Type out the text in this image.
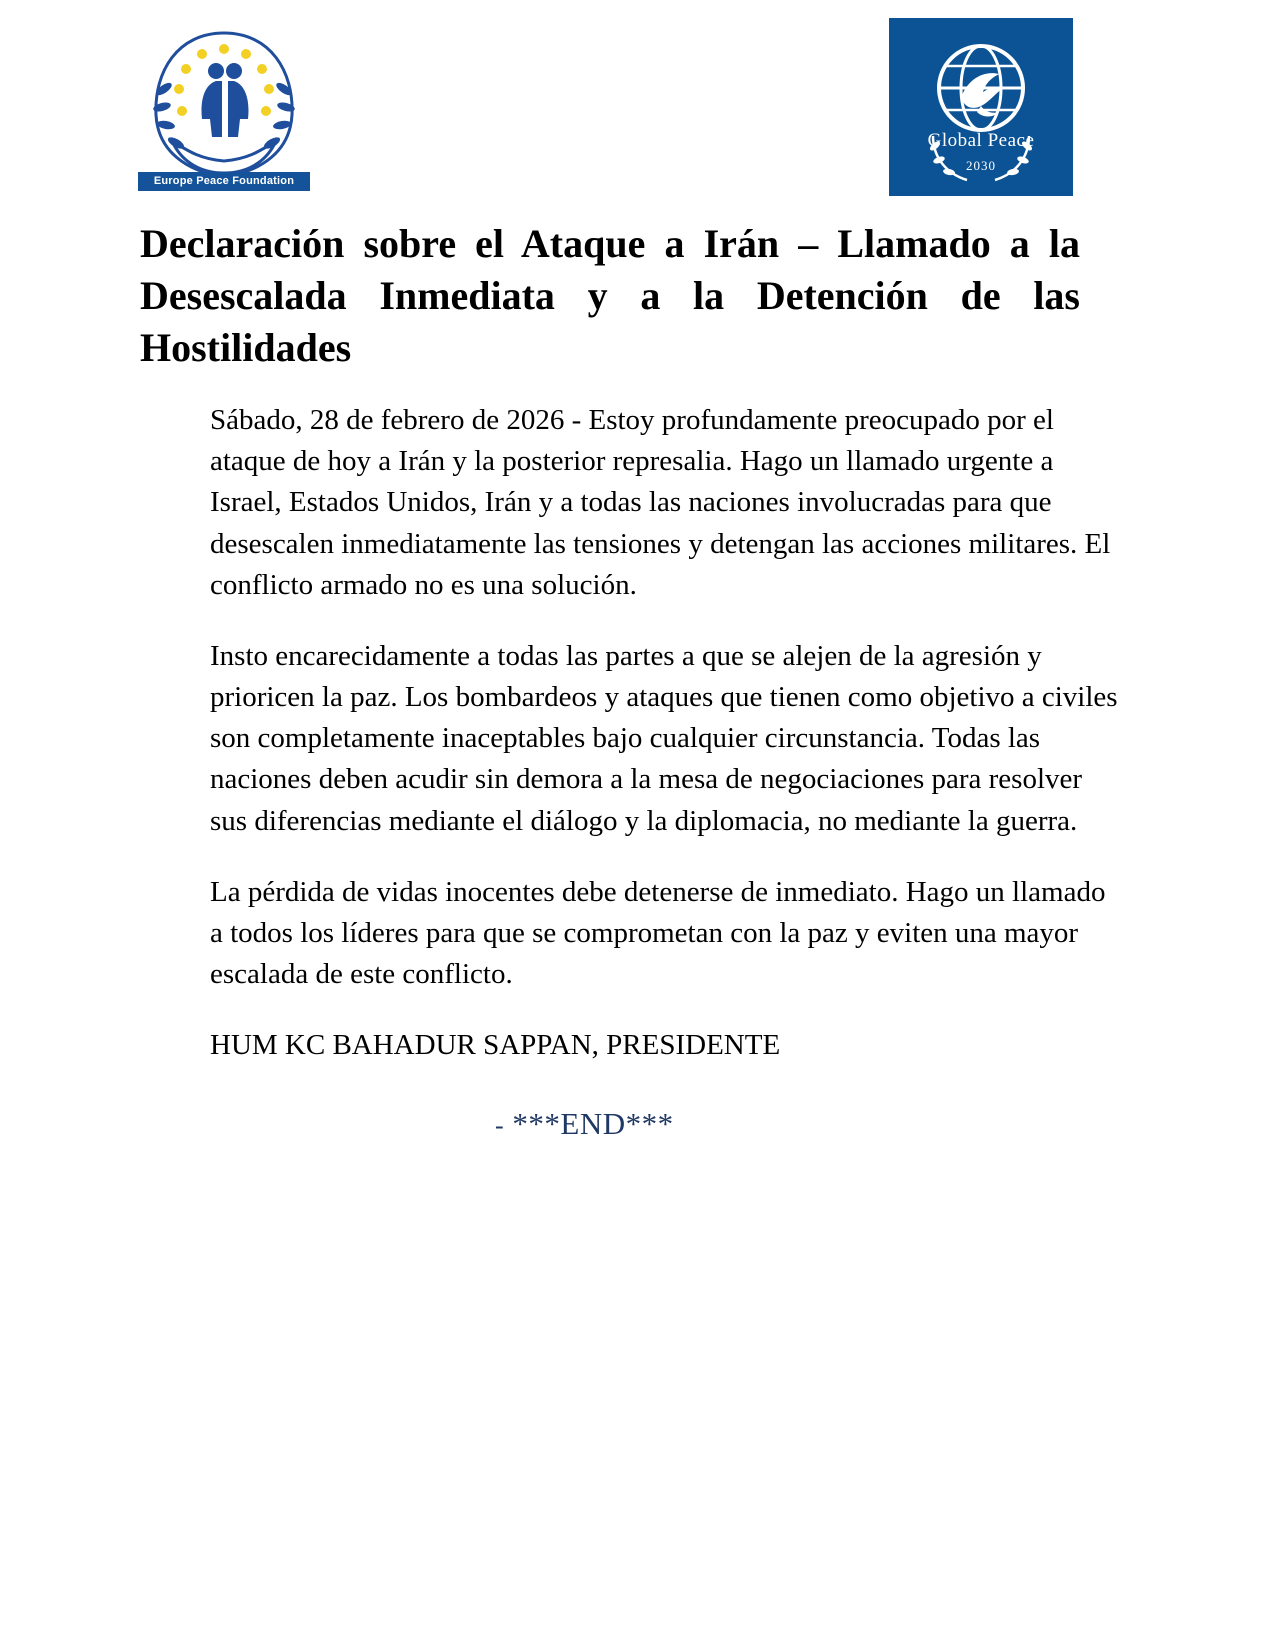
Europe Peace Foundation
Global Peace
2030
Declaración sobre el Ataque a Irán – Llamado a la Desescalada Inmediata y a la Detención de las Hostilidades

Sábado, 28 de febrero de 2026 - Estoy profundamente preocupado por el ataque de hoy a Irán y la posterior represalia. Hago un llamado urgente a Israel, Estados Unidos, Irán y a todas las naciones involucradas para que desescalen inmediatamente las tensiones y detengan las acciones militares. El conflicto armado no es una solución.

Insto encarecidamente a todas las partes a que se alejen de la agresión y prioricen la paz. Los bombardeos y ataques que tienen como objetivo a civiles son completamente inaceptables bajo cualquier circunstancia. Todas las naciones deben acudir sin demora a la mesa de negociaciones para resolver sus diferencias mediante el diálogo y la diplomacia, no mediante la guerra.

La pérdida de vidas inocentes debe detenerse de inmediato. Hago un llamado a todos los líderes para que se comprometan con la paz y eviten una mayor escalada de este conflicto.

HUM KC BAHADUR SAPPAN, PRESIDENTE

- ***END***
